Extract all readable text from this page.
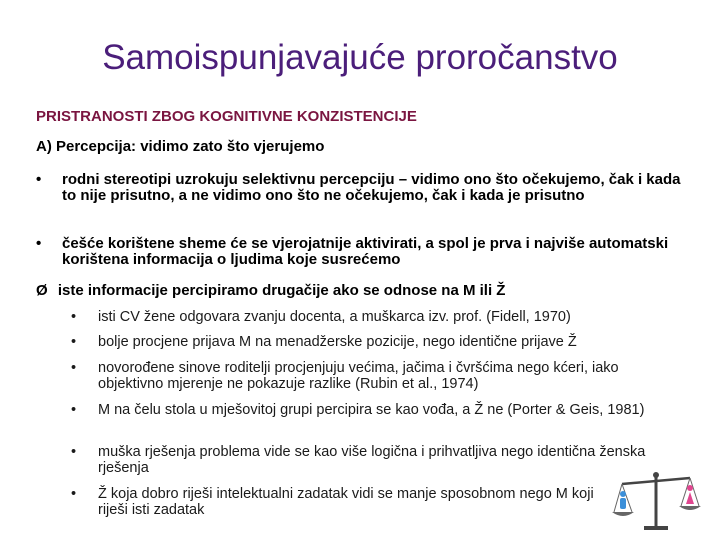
Samoispunjavajuće proročanstvo
PRISTRANOSTI ZBOG KOGNITIVNE KONZISTENCIJE
A) Percepcija: vidimo zato što vjerujemo
• rodni stereotipi uzrokuju selektivnu percepciju – vidimo ono što očekujemo, čak i kada to nije prisutno, a ne vidimo ono što ne očekujemo, čak i kada je prisutno
• češće korištene sheme će se vjerojatnije aktivirati, a spol je prva i najviše automatski korištena informacija o ljudima koje susrećemo
Ø iste informacije percipiramo drugačije ako se odnose na M ili Ž
• isti CV žene odgovara zvanju docenta, a muškarca izv. prof. (Fidell, 1970)
• bolje procjene prijava M na menadžerske pozicije, nego identične prijave Ž
• novorođene sinove roditelji procjenjuju većima, jačima i čvršćima nego kćeri, iako objektivno mjerenje ne pokazuje razlike (Rubin et al., 1974)
• M na čelu stola u mješovitoj grupi percipira se kao vođa, a Ž ne (Porter & Geis, 1981)
• muška rješenja problema vide se kao više logična i prihvatljiva nego identična ženska rješenja
• Ž koja dobro riješi intelektualni zadatak vidi se manje sposobnom nego M koji riješi isti zadatak
